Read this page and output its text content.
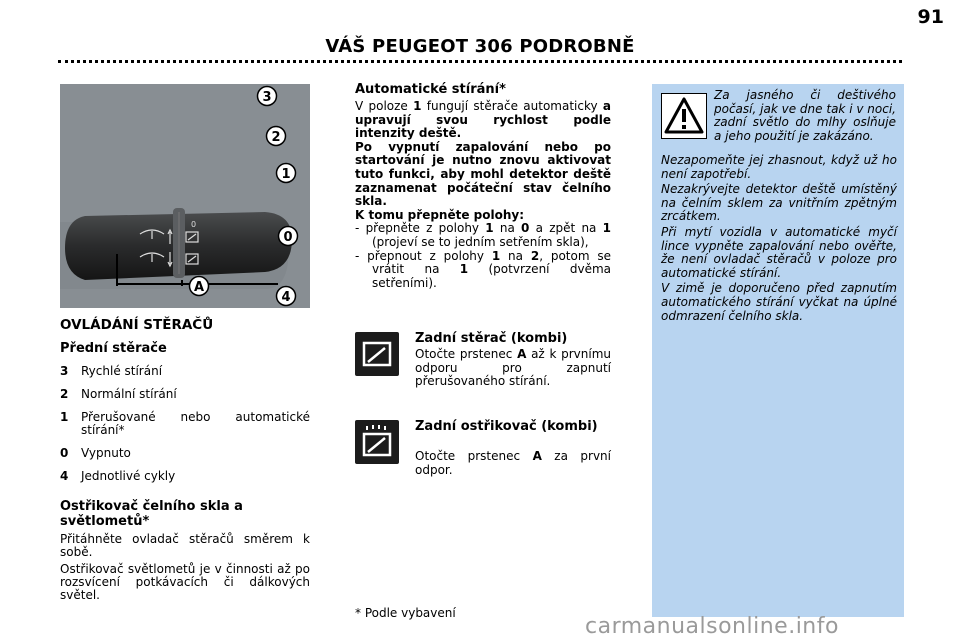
91
VÁŠ PEUGEOT 306 PODROBNĚ
0
3
2
1
0
A
4
OVLÁDÁNÍ STĚRAČŮ
Přední stěrače
3	Rychlé stírání
2	Normální stírání
1	Přerušované nebo automatické stírání*
0	Vypnuto
4	Jednotlivé cykly
Ostřikovač čelního skla a světlometů*

Přitáhněte ovladač stěračů směrem k sobě.

Ostřikovač světlometů je v činnosti až po rozsvícení potkávacích či dálkových světel.

Automatické stírání*

V poloze 1 fungují stěrače automaticky a upravují svou rychlost podle intenzity deště.

Po vypnutí zapalování nebo po startování je nutno znovu aktivovat tuto funkci, aby mohl detektor deště zaznamenat počáteční stav čelního skla.

K tomu přepněte polohy:

- přepněte z polohy 1 na 0 a zpět na 1 (projeví se to jedním setřením skla),
- přepnout z polohy 1 na 2, potom se vrátit na 1 (potvrzení dvěma setřeními).
Zadní stěrač (kombi)
Otočte prstenec A až k prvnímu odporu pro zapnutí přerušovaného stírání.
Zadní ostřikovač (kombi)
Otočte prstenec A za první odpor.
* Podle vybavení

Za jasného či deštivého počasí, jak ve dne tak i v noci, zadní světlo do mlhy oslňuje a jeho použití je zakázáno.

Nezapomeňte jej zhasnout, když už ho není zapotřebí.

Nezakrývejte detektor deště umístěný na čelním sklem za vnitřním zpětným zrcátkem.

Při mytí vozidla v automatické myčí lince vypněte zapalování nebo ověřte, že není ovladač stěračů v poloze pro automatické stírání.

V zimě je doporučeno před zapnutím automatického stírání vyčkat na úplné odmrazení čelního skla.

carmanualsonline.info
